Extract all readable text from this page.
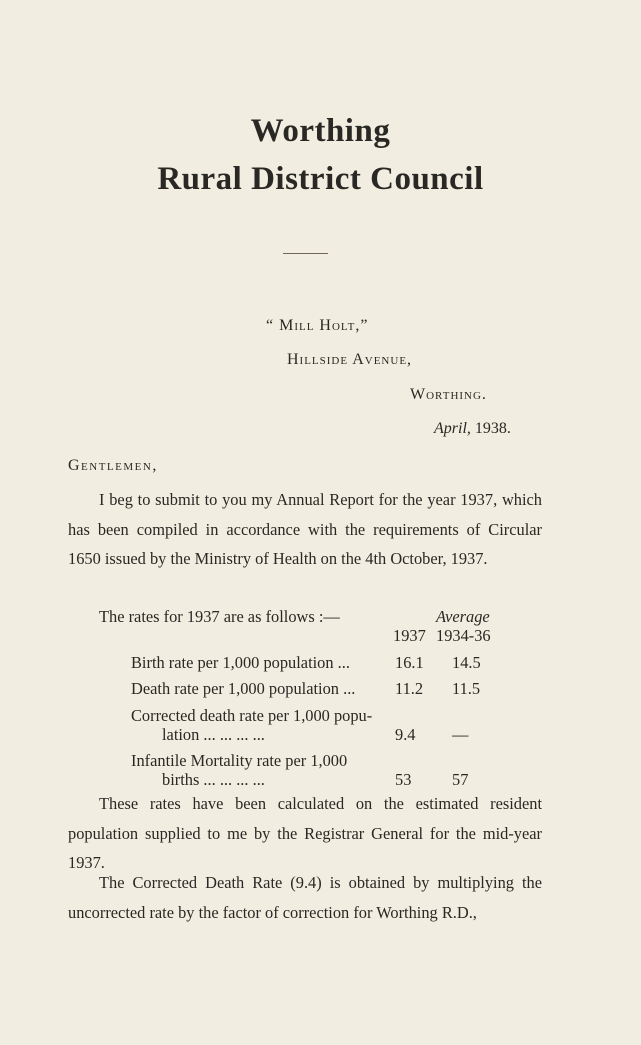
Worthing
Rural District Council
“ Mill Holt,”
Hillside Avenue,
Worthing.
April, 1938.
Gentlemen,
I beg to submit to you my Annual Report for the year 1937, which has been compiled in accordance with the requirements of Circular 1650 issued by the Ministry of Health on the 4th October, 1937.
The rates for 1937 are as follows :—	Average
1937 1934-36
Birth rate per 1,000 population ...	16.1	14.5
Death rate per 1,000 population ... 11.2	11.5
Corrected death rate per 1,000 popu-
lation ... ... ... ...	9.4	—
Infantile Mortality rate per 1,000
births ... ... ... ...	53	57
These rates have been calculated on the estimated resident population supplied to me by the Registrar General for the mid-year 1937.
The Corrected Death Rate (9.4) is obtained by multiplying the uncorrected rate by the factor of correction for Worthing R.D.,
